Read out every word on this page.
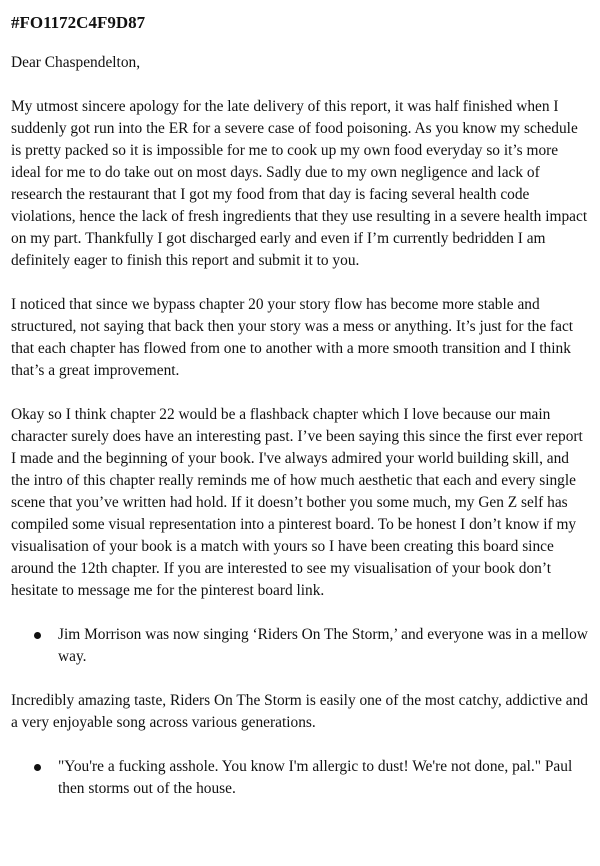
#FO1172C4F9D87
Dear Chaspendelton,
My utmost sincere apology for the late delivery of this report, it was half finished when I suddenly got run into the ER for a severe case of food poisoning. As you know my schedule is pretty packed so it is impossible for me to cook up my own food everyday so it’s more ideal for me to do take out on most days. Sadly due to my own negligence and lack of research the restaurant that I got my food from that day is facing several health code violations, hence the lack of fresh ingredients that they use resulting in a severe health impact on my part. Thankfully I got discharged early and even if I’m currently bedridden I am definitely eager to finish this report and submit it to you.
I noticed that since we bypass chapter 20 your story flow has become more stable and structured, not saying that back then your story was a mess or anything. It’s just for the fact that each chapter has flowed from one to another with a more smooth transition and I think that’s a great improvement.
Okay so I think chapter 22 would be a flashback chapter which I love because our main character surely does have an interesting past. I’ve been saying this since the first ever report I made and the beginning of your book. I've always admired your world building skill, and the intro of this chapter really reminds me of how much aesthetic that each and every single scene that you’ve written had hold. If it doesn’t bother you some much, my Gen Z self has compiled some visual representation into a pinterest board. To be honest I don’t know if my visualisation of your book is a match with yours so I have been creating this board since around the 12th chapter. If you are interested to see my visualisation of your book don’t hesitate to message me for the pinterest board link.
Jim Morrison was now singing ‘Riders On The Storm,’ and everyone was in a mellow way.
Incredibly amazing taste, Riders On The Storm is easily one of the most catchy, addictive and a very enjoyable song across various generations.
"You're a fucking asshole. You know I'm allergic to dust! We're not done, pal." Paul then storms out of the house.
